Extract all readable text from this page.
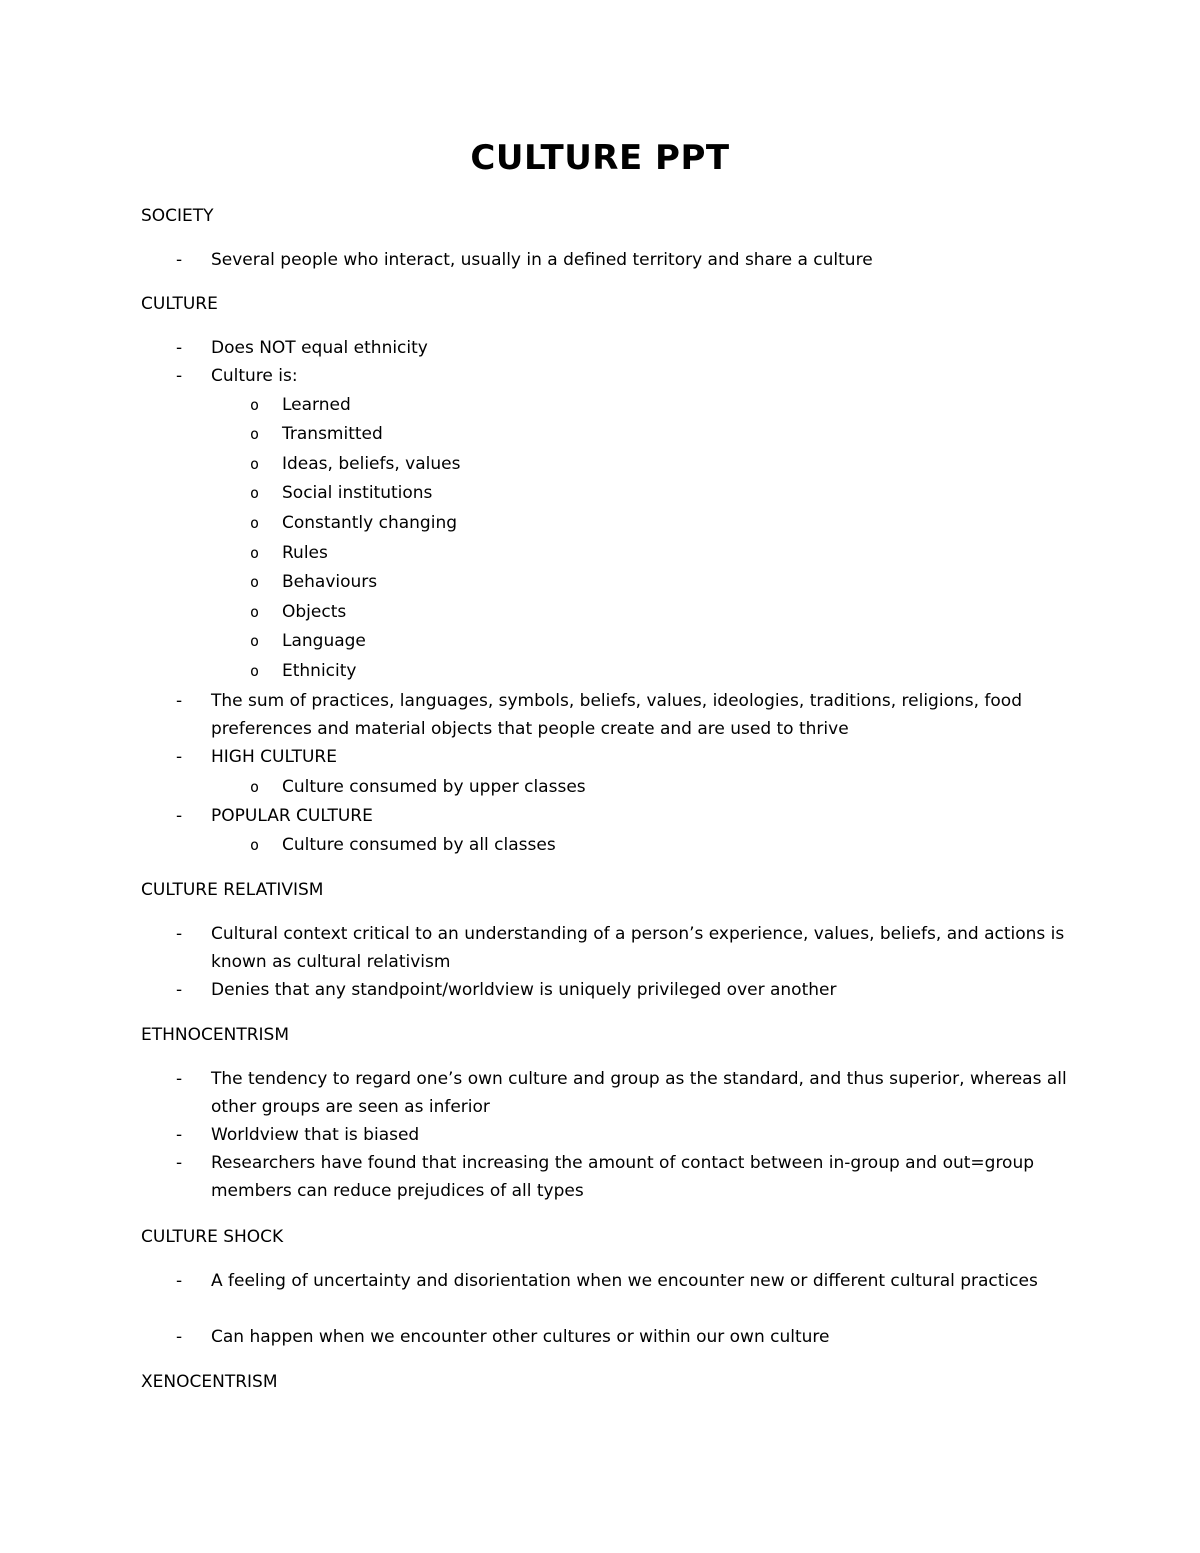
CULTURE PPT
SOCIETY
- Several people who interact, usually in a defined territory and share a culture
CULTURE
- Does NOT equal ethnicity
- Culture is:
o Learned
o Transmitted
o Ideas, beliefs, values
o Social institutions
o Constantly changing
o Rules
o Behaviours
o Objects
o Language
o Ethnicity
- The sum of practices, languages, symbols, beliefs, values, ideologies, traditions, religions, food preferences and material objects that people create and are used to thrive
- HIGH CULTURE
o Culture consumed by upper classes
- POPULAR CULTURE
o Culture consumed by all classes
CULTURE RELATIVISM
- Cultural context critical to an understanding of a person’s experience, values, beliefs, and actions is known as cultural relativism
- Denies that any standpoint/worldview is uniquely privileged over another
ETHNOCENTRISM
- The tendency to regard one’s own culture and group as the standard, and thus superior, whereas all other groups are seen as inferior
- Worldview that is biased
- Researchers have found that increasing the amount of contact between in-group and out=group members can reduce prejudices of all types
CULTURE SHOCK
- A feeling of uncertainty and disorientation when we encounter new or different cultural practices
- Can happen when we encounter other cultures or within our own culture
XENOCENTRISM
